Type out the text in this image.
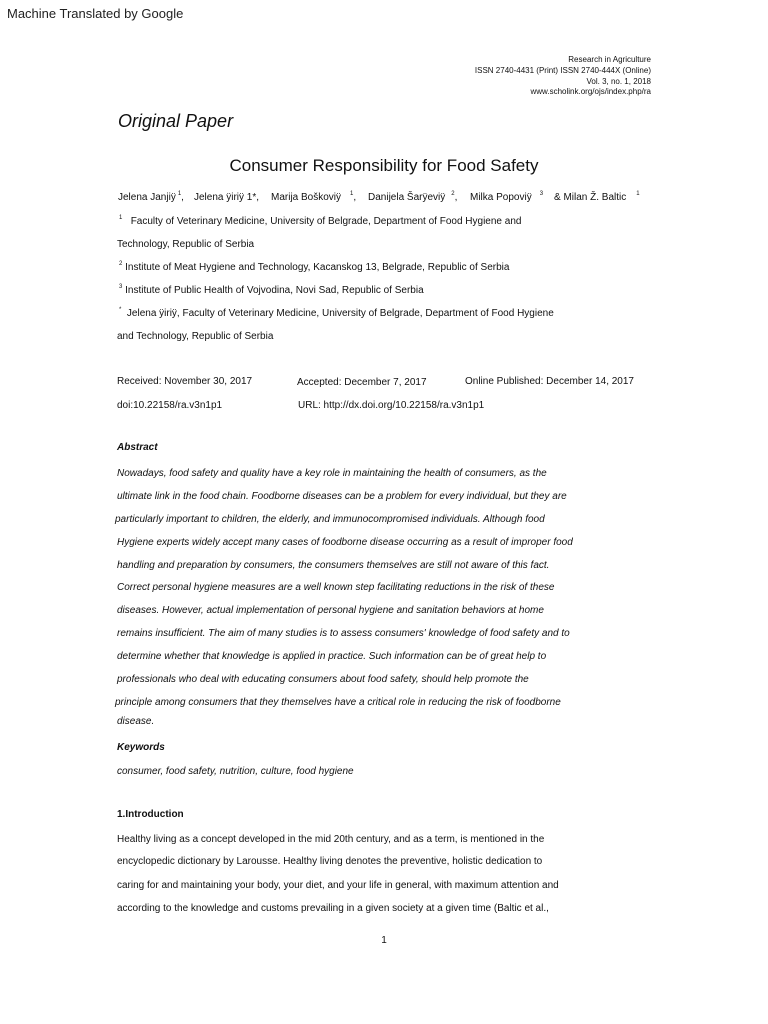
Machine Translated by Google
Research in Agriculture
ISSN 2740-4431 (Print) ISSN 2740-444X (Online)
Vol. 3, no. 1, 2018
www.scholink.org/ojs/index.php/ra
Original Paper
Consumer Responsibility for Food Safety
Jelena Janjiÿ $^1$, Jelena ÿiriÿ 1*, Marija Boškoviÿ $^1$, Danijela Šarÿeviÿ $^2$, Milka Popoviÿ $^3$ & Milan Ž. Baltic $^1$
$^1$ Faculty of Veterinary Medicine, University of Belgrade, Department of Food Hygiene and
Technology, Republic of Serbia
$^2$ Institute of Meat Hygiene and Technology, Kacanskog 13, Belgrade, Republic of Serbia
$^3$ Institute of Public Health of Vojvodina, Novi Sad, Republic of Serbia
* Jelena ÿiriÿ, Faculty of Veterinary Medicine, University of Belgrade, Department of Food Hygiene
and Technology, Republic of Serbia
Received: November 30, 2017	Accepted: December 7, 2017	Online Published: December 14, 2017
doi:10.22158/ra.v3n1p1	URL: http://dx.doi.org/10.22158/ra.v3n1p1
Abstract
Nowadays, food safety and quality have a key role in maintaining the health of consumers, as the
ultimate link in the food chain. Foodborne diseases can be a problem for every individual, but they are
particularly important to children, the elderly, and immunocompromised individuals. Although food
Hygiene experts widely accept many cases of foodborne disease occurring as a result of improper food
handling and preparation by consumers, the consumers themselves are still not aware of this fact.
Correct personal hygiene measures are a well known step facilitating reductions in the risk of these
diseases. However, actual implementation of personal hygiene and sanitation behaviors at home
remains insufficient. The aim of many studies is to assess consumers' knowledge of food safety and to
determine whether that knowledge is applied in practice. Such information can be of great help to
professionals who deal with educating consumers about food safety, should help promote the
principle among consumers that they themselves have a critical role in reducing the risk of foodborne
disease.
Keywords
consumer, food safety, nutrition, culture, food hygiene
1.Introduction
Healthy living as a concept developed in the mid 20th century, and as a term, is mentioned in the
encyclopedic dictionary by Larousse. Healthy living denotes the preventive, holistic dedication to
caring for and maintaining your body, your diet, and your life in general, with maximum attention and
according to the knowledge and customs prevailing in a given society at a given time (Baltic et al.,
1
